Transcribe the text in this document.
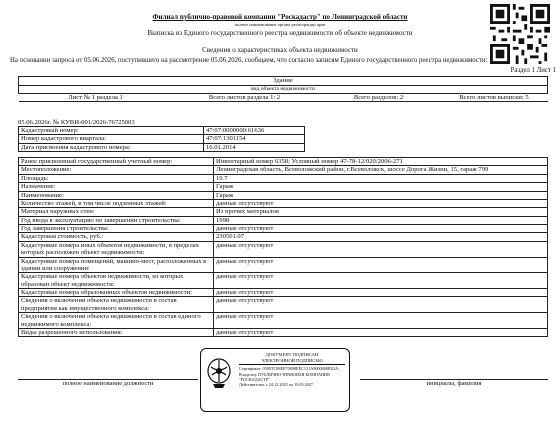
Филиал публично-правовой компании "Роскадастр" по Ленинградской области
полное наименование органа регистрации прав
Выписка из Единого государственного реестра недвижимости об объекте недвижимости
Сведения о характеристиках объекта недвижимости
На основании запроса от 05.06.2026, поступившего на рассмотрение 05.06.2026, сообщаем, что согласно записям Единого государственного реестра недвижимости:
Раздел 1 Лист 1
Здание
вид объекта недвижимости
Лист № 1 раздела 1	Всего листов раздела 1: 2	Всего разделов: 2	Всего листов выписки: 5
05.06.2026г. № КУВИ-001/2026-76725003
Кадастровый номер:	47:07:0000000:61636
Номер кадастрового квартала:	47:07:1301154
Дата присвоения кадастрового номера:	16.01.2014
Ранее присвоенный государственный учетный номер:	Инвентарный номер 6358; Условный номер 47-78-12/020/2006-271
Местоположение:	Ленинградская область, Всеволожский район, г.Всеволожск, шоссе Дорога Жизни, 15, гараж 799
Площадь:	19.7
Назначение:	Гараж
Наименование:	Гараж
Количество этажей, в том числе подземных этажей:	данные отсутствуют
Материал наружных стен:	Из прочих материалов
Год ввода в эксплуатацию по завершении строительства:	1998
Год завершения строительства:	данные отсутствуют
Кадастровая стоимость, руб.:	230561.07
Кадастровые номера иных объектов недвижимости, в пределах которых расположен объект недвижимости:	данные отсутствуют
Кадастровые номера помещений, машино-мест, расположенных в здании или сооружении:	данные отсутствуют
Кадастровые номера объектов недвижимости, из которых образован объект недвижимости:	данные отсутствуют
Кадастровые номера образованных объектов недвижимости:	данные отсутствуют
Сведения о включении объекта недвижимости в состав предприятия как имущественного комплекса:	данные отсутствуют
Сведения о включении объекта недвижимости в состав единого недвижимого комплекса:	данные отсутствуют
Виды разрешенного использования:	данные отсутствуют
ДОКУМЕНТ ПОДПИСАН
ЭЛЕКТРОННОЙ ПОДПИСЬЮ
Сертификат: 0399ТС88ЕЕ70098ЕЕС121А9000000ЕЕ2А
Владелец: ПУБЛИЧНО-ПРАВОВАЯ КОМПАНИЯ
"РОСКАДАСТР"
Действителен: с 24.12.2025 по 19.03.2027
полное наименование должности	инициалы, фамилия
